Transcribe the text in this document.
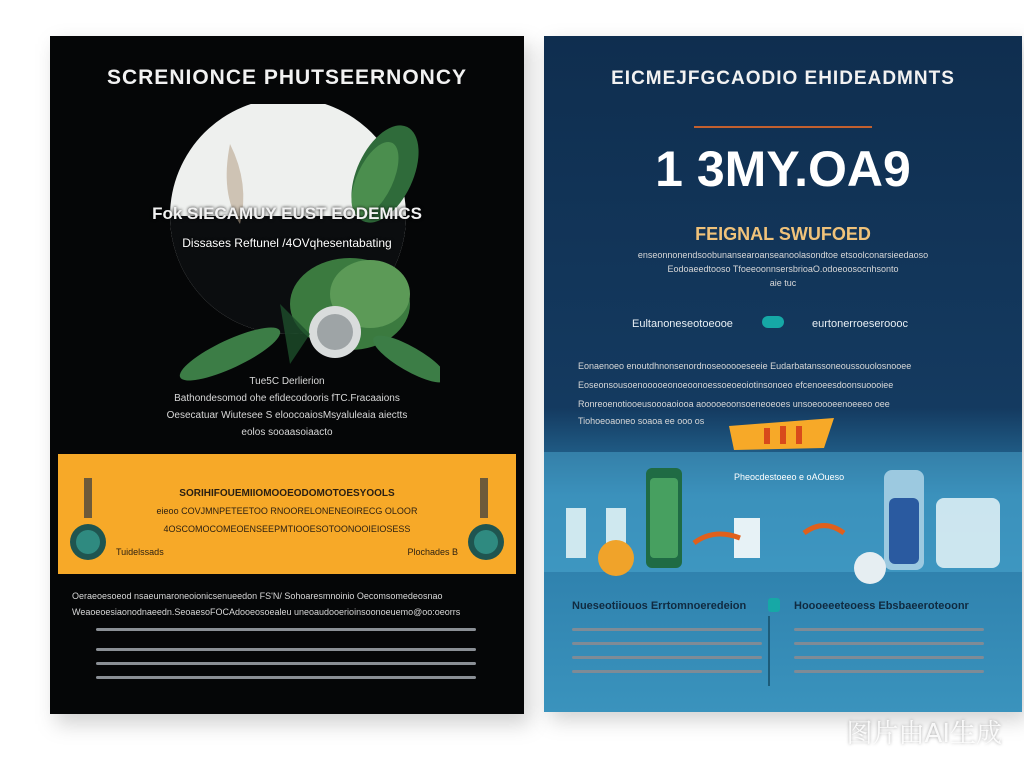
SCRENIONCE PHUTSEERNONCY
Fok SIECAMUY EUST EODEMICS
Dissases Reftunel /4OVqhesentabating
Tue5C Derlierion
Bathondesomod ohe efidecodooris fTC.Fracaaions
Oesecatuar Wiutesee S eloocoaiosMsyaluleaia aiectts
eolos sooaasoiaacto
SORIHIFOUEMIIOMOOEODOMOTOESYOOLS
eieoo COVJMNPETEETOO RNOORELONENEOIRECG OLOOR
4OSCOMOCOMEOENSEEPMTIOOESOTOONOOIEIOSESS
Tuidelssads	Plochades B
Oeraeoesoeod nsaeumaroneoionicsenueedon FS'N/ Sohoaresmnoinio Oecomsomedeosnao
Weaoeoesiaonodnaeedn.SeoaesoFOCAdooeosoealeu uneoaudooerioinsoonoeuemo@oo:oeorrs
EICMEJFGCAODIO EHIDEADMNTS
1 3MY.OA9
FEIGNAL SWUFOED
enseonnonendsoobunansearoanseanoolasondtoe etsoolconarsieedaoso
Eodoaeedtooso TfoeeoonnsersbrioaO.odoeoosocnhsonto
aie tuc
Eultanoneseotoeooe	eurtonerroeseroooc
Eonaenoeo enoutdhnonsenordnoseooooeseeie Eudarbatanssoneoussouolosnooee
Eoseonsousoenooooeonoeoonoessoeoeoiotinsonoeo efcenoeesdoonsuoooiee
Ronreoenotiooeusoooaoiooa aooooeoonsoeneoeoes unsoeoooeenoeeeo oee
Tiohoeoaoneo soaoa ee ooo os
Pheocdestoeeo e oAOueso
Nueseotiiouos Errtomnoeredeion	Hoooeeeteoess Ebsbaeeroteoonr
图片由AI生成
